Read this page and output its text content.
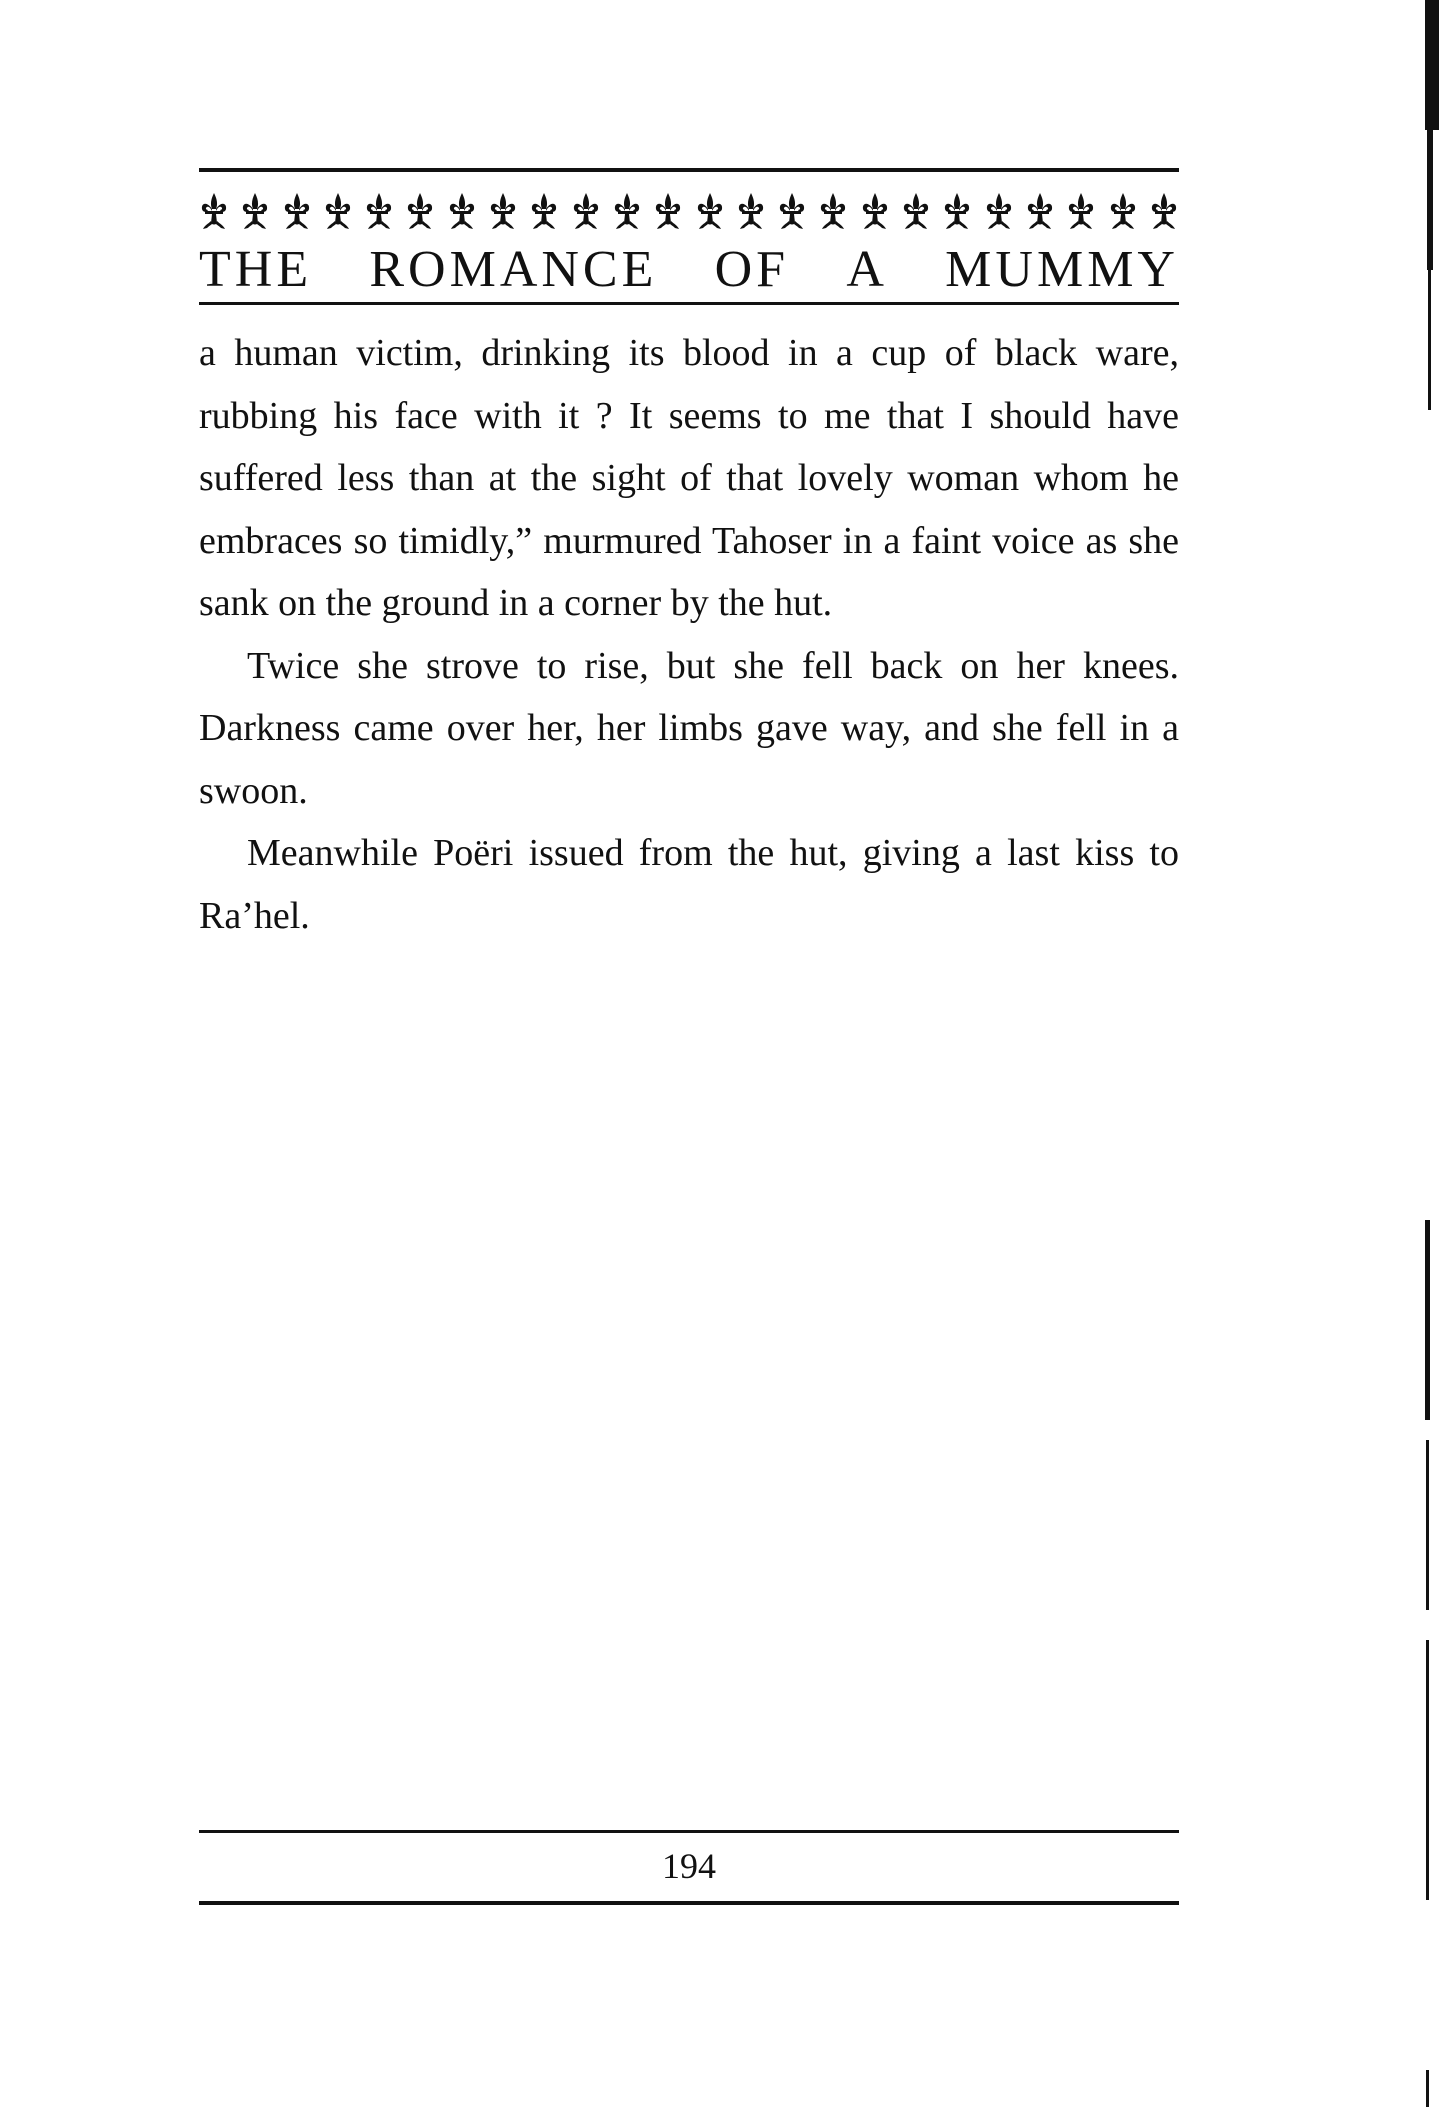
THE ROMANCE OF A MUMMY

a human victim, drinking its blood in a cup of black ware, rubbing his face with it ? It seems to me that I should have suffered less than at the sight of that lovely woman whom he embraces so timidly,” murmured Tahoser in a faint voice as she sank on the ground in a corner by the hut.

Twice she strove to rise, but she fell back on her knees. Darkness came over her, her limbs gave way, and she fell in a swoon.

Meanwhile Poëri issued from the hut, giving a last kiss to Ra’hel.

194
